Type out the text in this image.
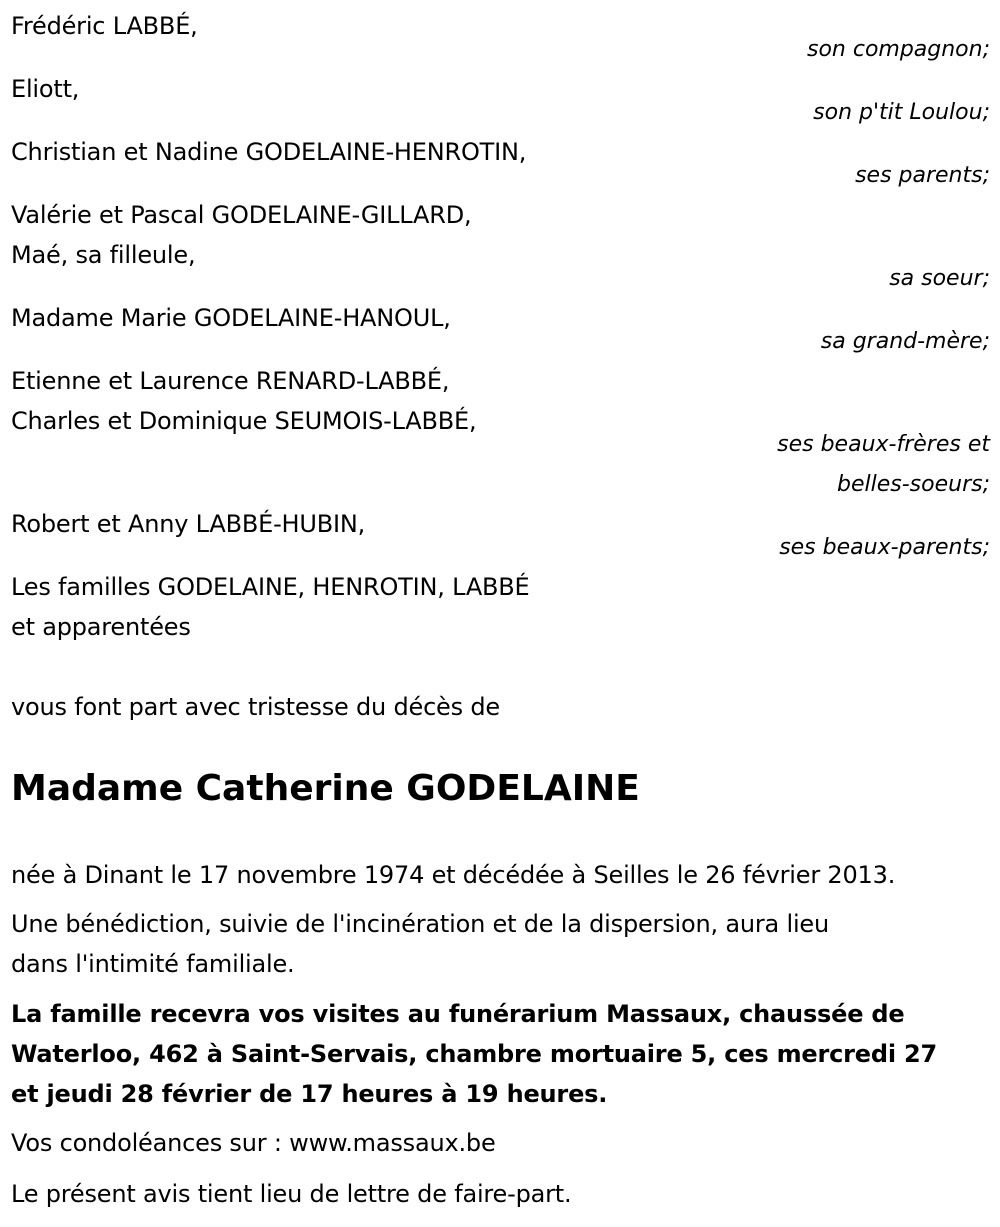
Frédéric LABBÉ,
Eliott,
Christian et Nadine GODELAINE-HENROTIN,
Valérie et Pascal GODELAINE-GILLARD,
Maé, sa filleule,
Madame Marie GODELAINE-HANOUL,
Etienne et Laurence RENARD-LABBÉ,
Charles et Dominique SEUMOIS-LABBÉ,
Robert et Anny LABBÉ-HUBIN,
Les familles GODELAINE, HENROTIN, LABBÉ
et apparentées
son compagnon;
son p'tit Loulou;
ses parents;
sa soeur;
sa grand-mère;
ses beaux-frères et
belles-soeurs;
ses beaux-parents;
vous font part avec tristesse du décès de
Madame Catherine GODELAINE
née à Dinant le 17 novembre 1974 et décédée à Seilles le 26 février 2013.
Une bénédiction, suivie de l'incinération et de la dispersion, aura lieu
dans l'intimité familiale.
La famille recevra vos visites au funérarium Massaux, chaussée de
Waterloo, 462 à Saint-Servais, chambre mortuaire 5, ces mercredi 27
et jeudi 28 février de 17 heures à 19 heures.
Vos condoléances sur : www.massaux.be
Le présent avis tient lieu de lettre de faire-part.
